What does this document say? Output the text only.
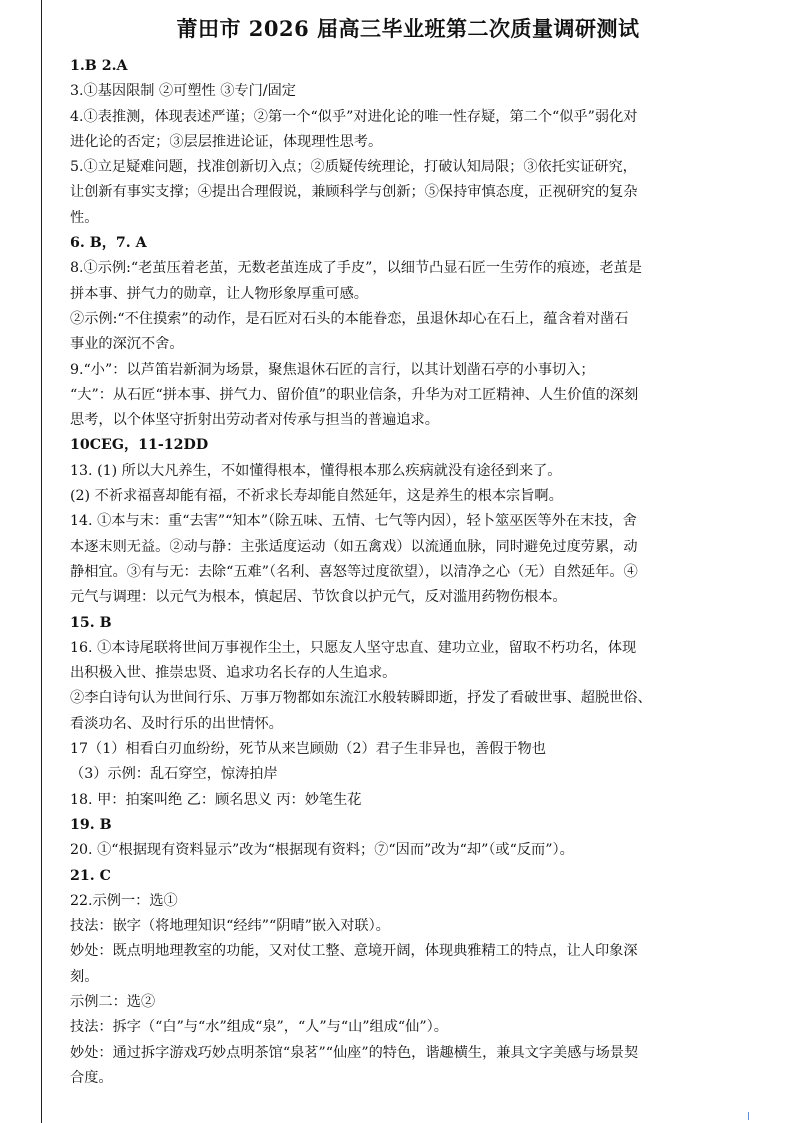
莆田市 2026 届高三毕业班第二次质量调研测试
1.B 2.A
3.①基因限制 ②可塑性 ③专门/固定
4.①表推测，体现表述严谨；②第一个“似乎”对进化论的唯一性存疑，第二个“似乎”弱化对
进化论的否定；③层层推进论证，体现理性思考。
5.①立足疑难问题，找准创新切入点；②质疑传统理论，打破认知局限；③依托实证研究，
让创新有事实支撑；④提出合理假说，兼顾科学与创新；⑤保持审慎态度，正视研究的复杂
性。
6. B，7. A
8.①示例:“老茧压着老茧，无数老茧连成了手皮”，以细节凸显石匠一生劳作的痕迹，老茧是
拼本事、拼气力的勋章，让人物形象厚重可感。
②示例:“不住摸索”的动作，是石匠对石头的本能眷恋，虽退休却心在石上，蕴含着对凿石
事业的深沉不舍。
9.“小”：以芦笛岩新洞为场景，聚焦退休石匠的言行，以其计划凿石亭的小事切入；
“大”：从石匠“拼本事、拼气力、留价值”的职业信条，升华为对工匠精神、人生价值的深刻
思考，以个体坚守折射出劳动者对传承与担当的普遍追求。
10CEG，11-12DD
13. (1) 所以大凡养生，不如懂得根本，懂得根本那么疾病就没有途径到来了。
(2) 不祈求福喜却能有福，不祈求长寿却能自然延年，这是养生的根本宗旨啊。
14. ①本与末：重“去害”“知本”（除五味、五情、七气等内因），轻卜筮巫医等外在末技，舍
本逐末则无益。②动与静：主张适度运动（如五禽戏）以流通血脉，同时避免过度劳累，动
静相宜。③有与无：去除“五难”（名利、喜怒等过度欲望），以清净之心（无）自然延年。④
元气与调理：以元气为根本，慎起居、节饮食以护元气，反对滥用药物伤根本。
15. B
16. ①本诗尾联将世间万事视作尘土，只愿友人坚守忠直、建功立业，留取不朽功名，体现
出积极入世、推崇忠贤、追求功名长存的人生追求。
②李白诗句认为世间行乐、万事万物都如东流江水般转瞬即逝，抒发了看破世事、超脱世俗、
看淡功名、及时行乐的出世情怀。
17（1）相看白刃血纷纷，死节从来岂顾勋（2）君子生非异也，善假于物也
（3）示例：乱石穿空，惊涛拍岸
18. 甲：拍案叫绝 乙：顾名思义 丙：妙笔生花
19. B
20. ①“根据现有资料显示”改为“根据现有资料；⑦“因而”改为“却”（或“反而”）。
21. C
22.示例一：选①
技法：嵌字（将地理知识“经纬”“阴晴”嵌入对联）。
妙处：既点明地理教室的功能，又对仗工整、意境开阔，体现典雅精工的特点，让人印象深
刻。
示例二：选②
技法：拆字（“白”与“水”组成“泉”，“人”与“山”组成“仙”）。
妙处：通过拆字游戏巧妙点明茶馆“泉茗”“仙座”的特色，谐趣横生，兼具文字美感与场景契
合度。
